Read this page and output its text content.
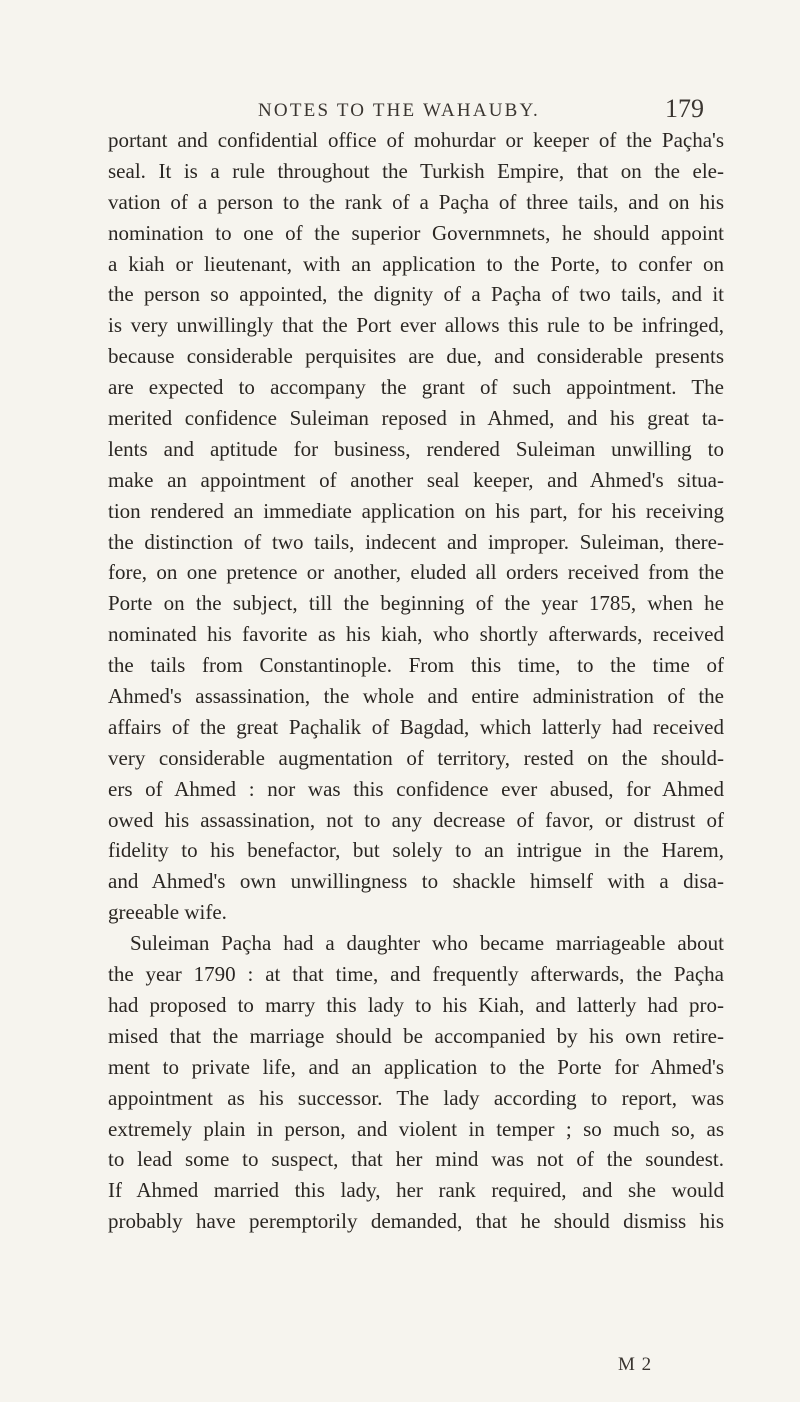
NOTES TO THE WAHAUBY.	179
portant and confidential office of mohurdar or keeper of the Paçha's
seal. It is a rule throughout the Turkish Empire, that on the ele-
vation of a person to the rank of a Paçha of three tails, and on his
nomination to one of the superior Governmnets, he should appoint
a kiah or lieutenant, with an application to the Porte, to confer on
the person so appointed, the dignity of a Paçha of two tails, and it
is very unwillingly that the Port ever allows this rule to be infringed,
because considerable perquisites are due, and considerable presents
are expected to accompany the grant of such appointment. The
merited confidence Suleiman reposed in Ahmed, and his great ta-
lents and aptitude for business, rendered Suleiman unwilling to
make an appointment of another seal keeper, and Ahmed's situa-
tion rendered an immediate application on his part, for his receiving
the distinction of two tails, indecent and improper. Suleiman, there-
fore, on one pretence or another, eluded all orders received from the
Porte on the subject, till the beginning of the year 1785, when he
nominated his favorite as his kiah, who shortly afterwards, received
the tails from Constantinople. From this time, to the time of
Ahmed's assassination, the whole and entire administration of the
affairs of the great Paçhalik of Bagdad, which latterly had received
very considerable augmentation of territory, rested on the should-
ers of Ahmed : nor was this confidence ever abused, for Ahmed
owed his assassination, not to any decrease of favor, or distrust of
fidelity to his benefactor, but solely to an intrigue in the Harem,
and Ahmed's own unwillingness to shackle himself with a disa-
greeable wife.
Suleiman Paçha had a daughter who became marriageable about
the year 1790 : at that time, and frequently afterwards, the Paçha
had proposed to marry this lady to his Kiah, and latterly had pro-
mised that the marriage should be accompanied by his own retire-
ment to private life, and an application to the Porte for Ahmed's
appointment as his successor. The lady according to report, was
extremely plain in person, and violent in temper ; so much so, as
to lead some to suspect, that her mind was not of the soundest.
If Ahmed married this lady, her rank required, and she would
probably have peremptorily demanded, that he should dismiss his
M 2
